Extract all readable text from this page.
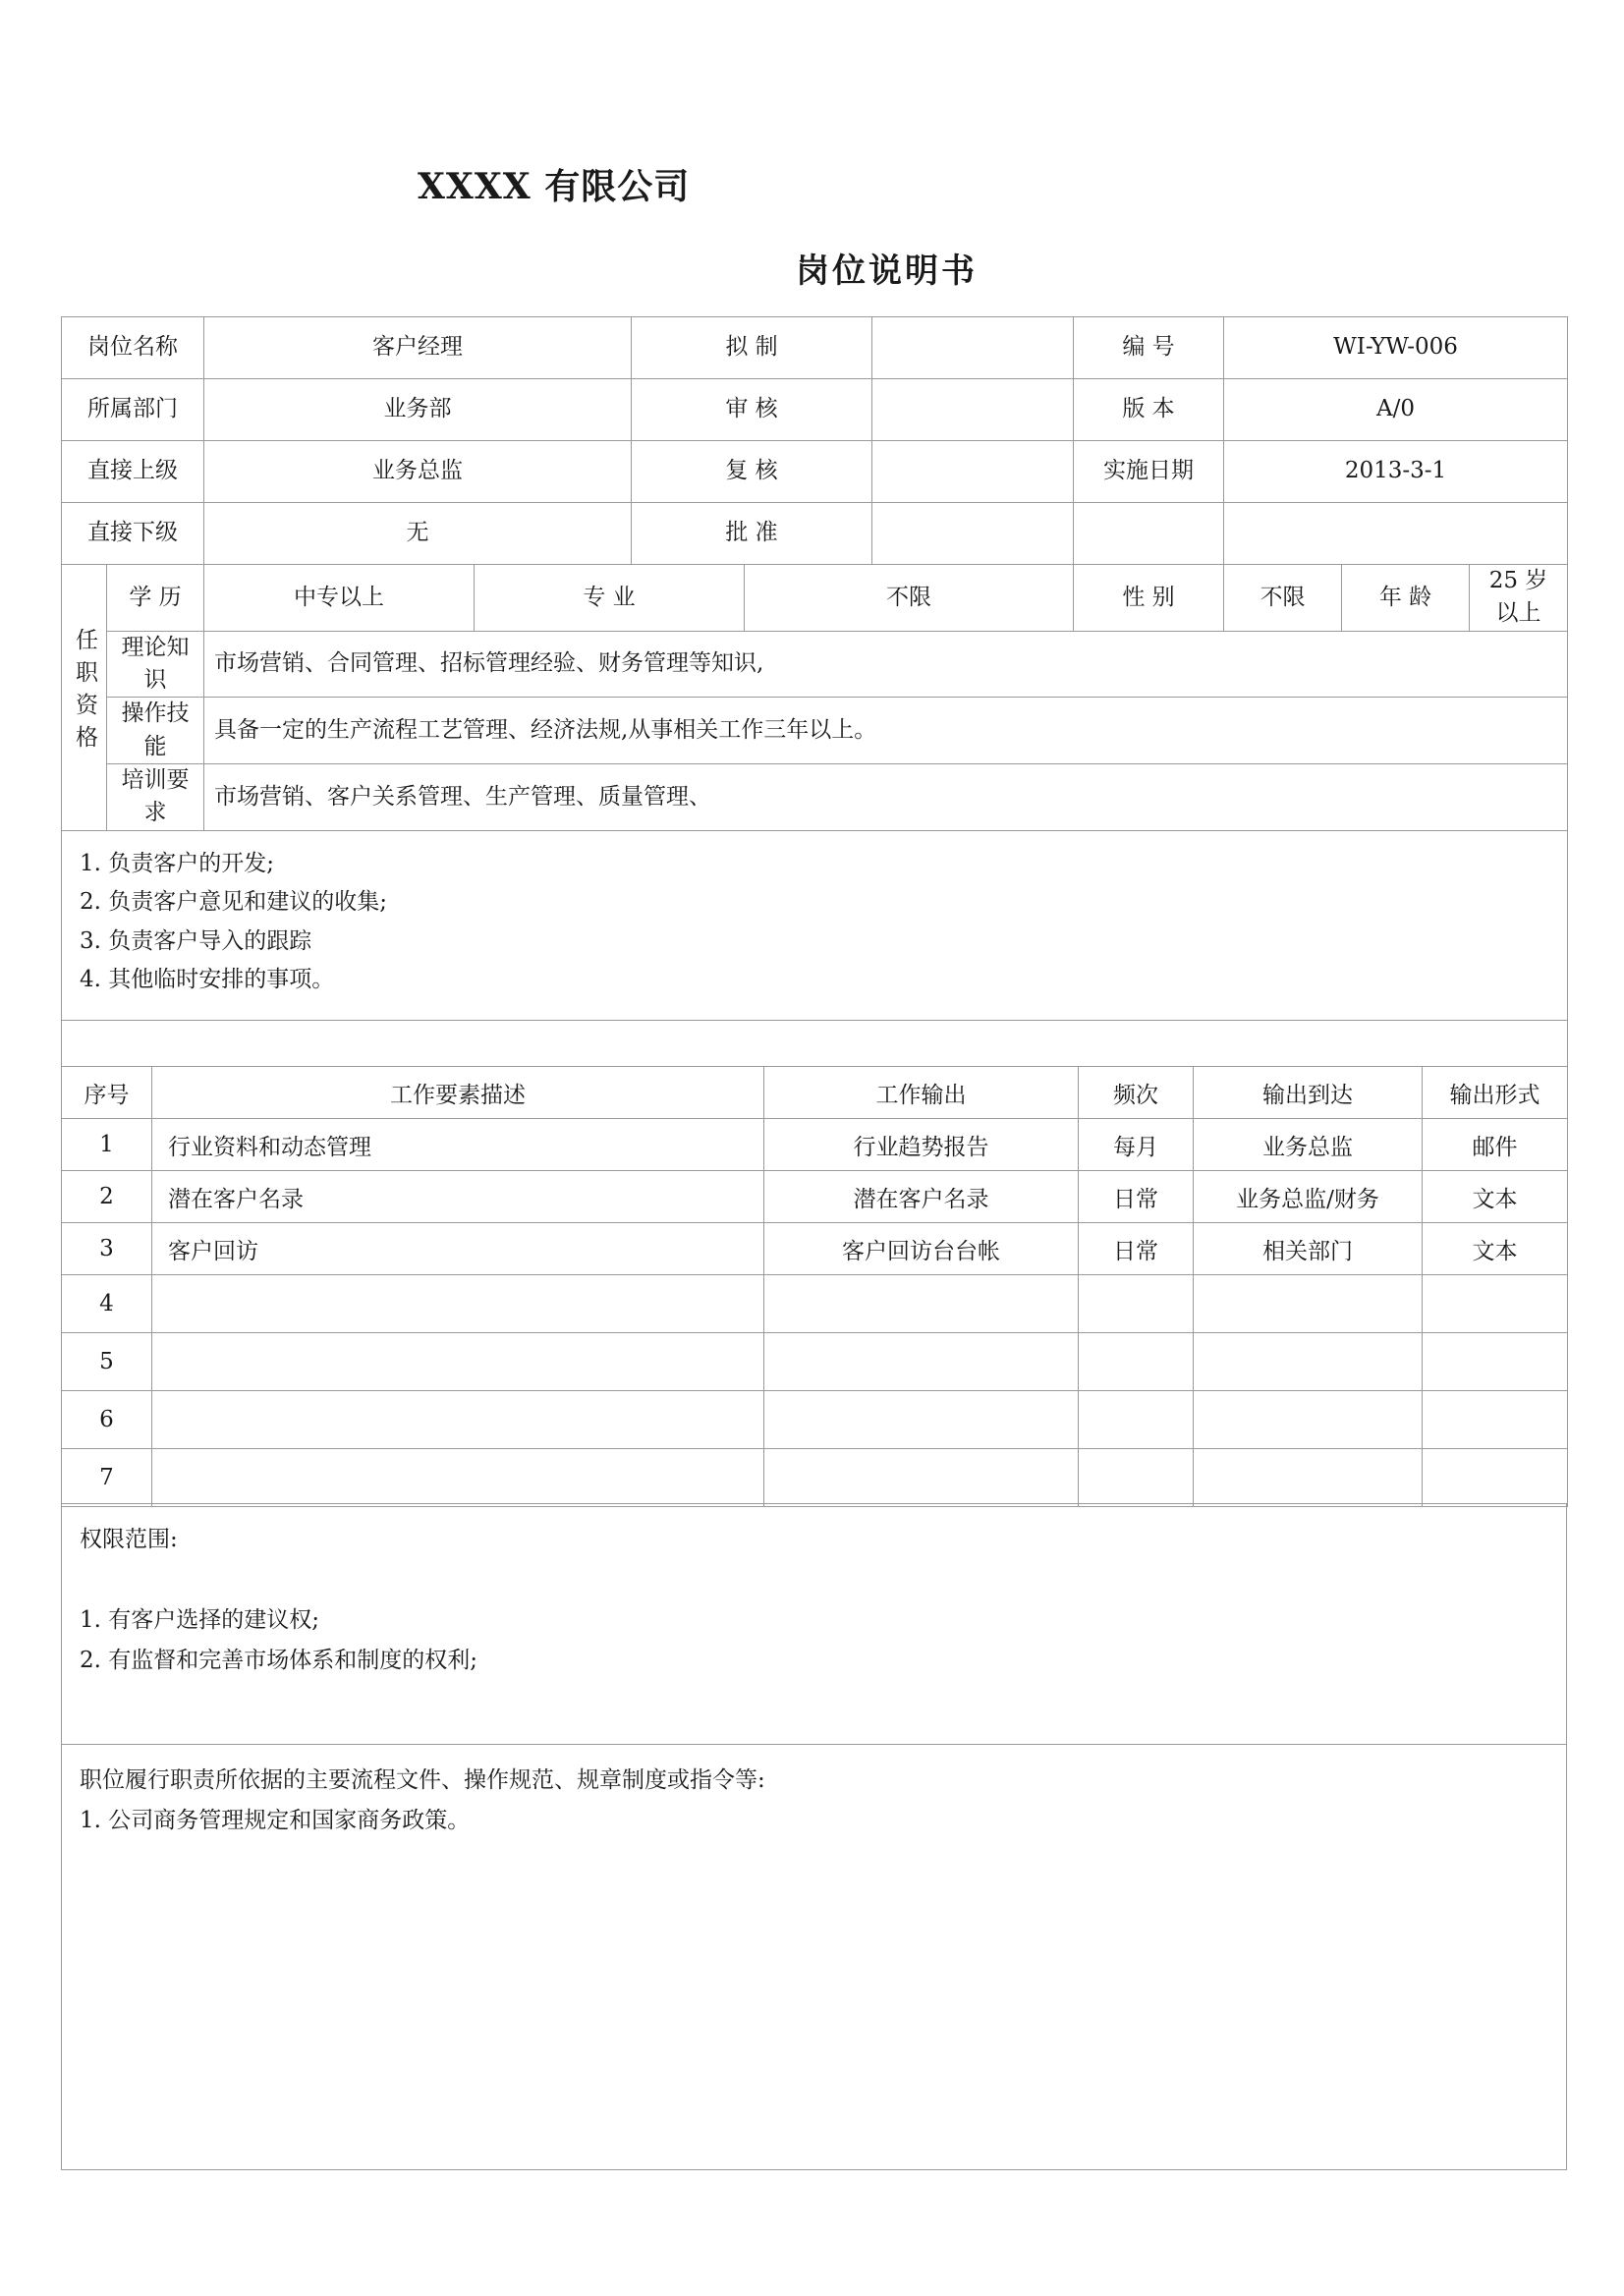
XXXX 有限公司
岗位说明书
岗位名称		客户经理		拟 制			编 号	WI-YW-006		
所属部门		业务部		审 核			版 本	A/0		
直接上级		业务总监		复 核			实施日期	2013-3-1		
直接下级		无		批 准						
任职资格	学 历	中专以上	专 业		不限		性 别	不限	年 龄	25 岁以上
	理论知识	市场营销、合同管理、招标管理经验、财务管理等知识,								
	操作技能	具备一定的生产流程工艺管理、经济法规,从事相关工作三年以上。								
	培训要求	市场营销、客户关系管理、生产管理、质量管理、								

1. 负责客户的开发;
2. 负责客户意见和建议的收集;
3. 负责客户导入的跟踪
4. 其他临时安排的事项。										

序号	工作要素描述	工作输出	频次	输出到达	输出形式
1	行业资料和动态管理	行业趋势报告	每月	业务总监	邮件
2	潜在客户名录	潜在客户名录	日常	业务总监/财务	文本
3	客户回访	客户回访台台帐	日常	相关部门	文本
4					
5					
6					
7					
权限范围:
1. 有客户选择的建议权;
2. 有监督和完善市场体系和制度的权利;

职位履行职责所依据的主要流程文件、操作规范、规章制度或指令等:
1. 公司商务管理规定和国家商务政策。
